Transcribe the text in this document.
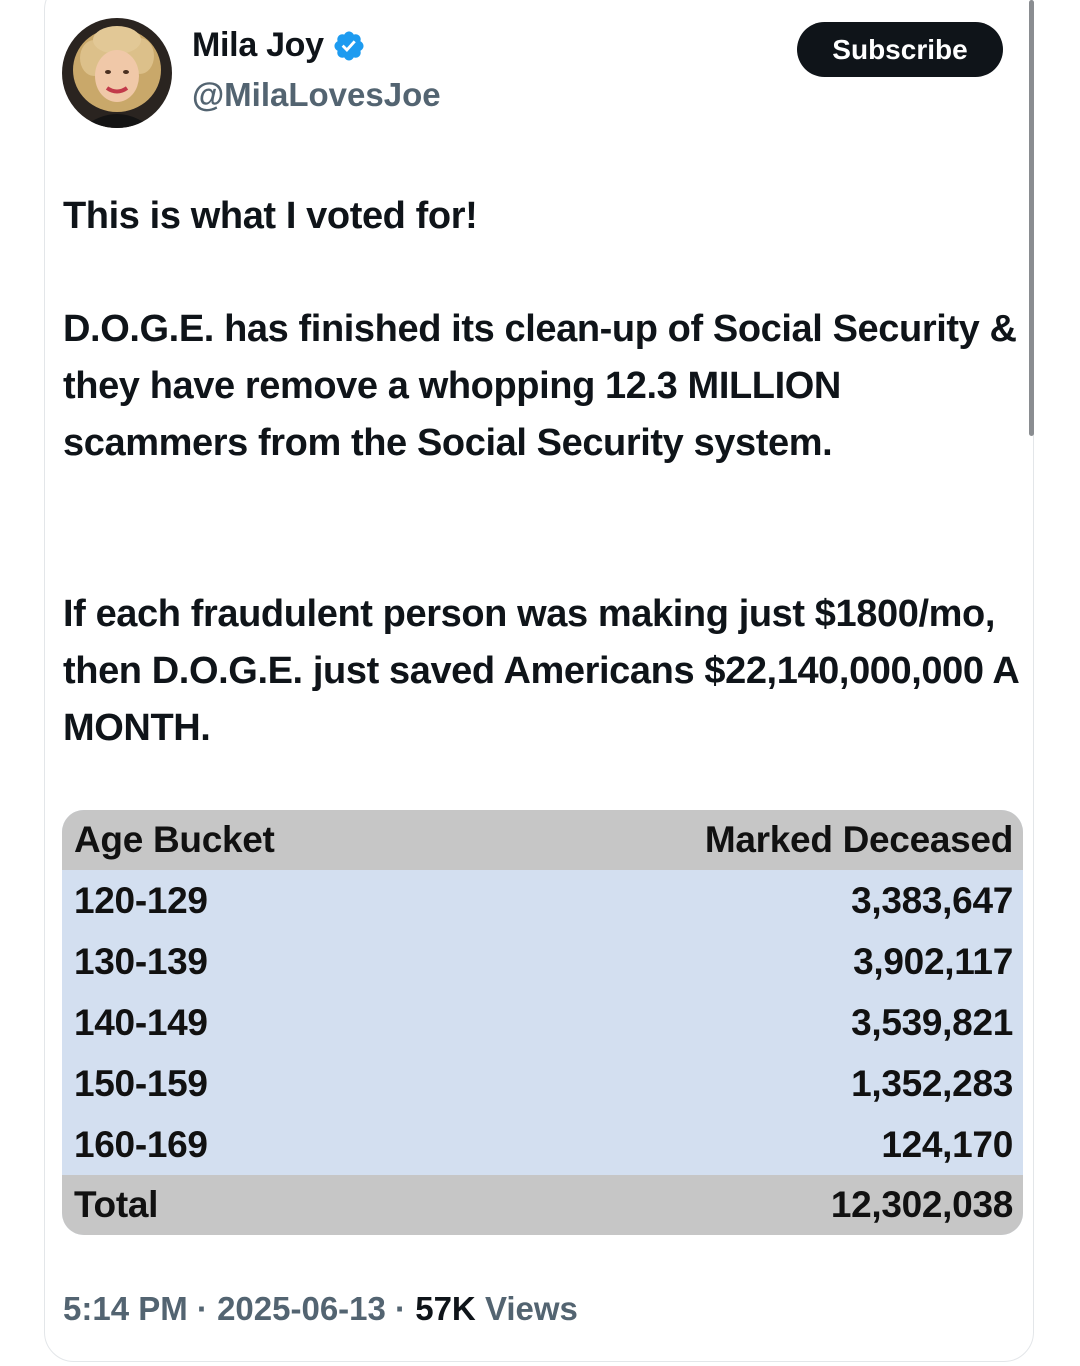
Mila Joy
@MilaLovesJoe
Subscribe

This is what I voted for!

D.O.G.E. has finished its clean-up of Social Security & they have remove a whopping 12.3 MILLION scammers from the Social Security system.

If each fraudulent person was making just $1800/mo, then D.O.G.E. just saved Americans $22,140,000,000 A MONTH.

Age Bucket	Marked Deceased
120-129	3,383,647
130-139	3,902,117
140-149	3,539,821
150-159	1,352,283
160-169	124,170
Total	12,302,038
5:14 PM · 2025-06-13 · 57K Views
